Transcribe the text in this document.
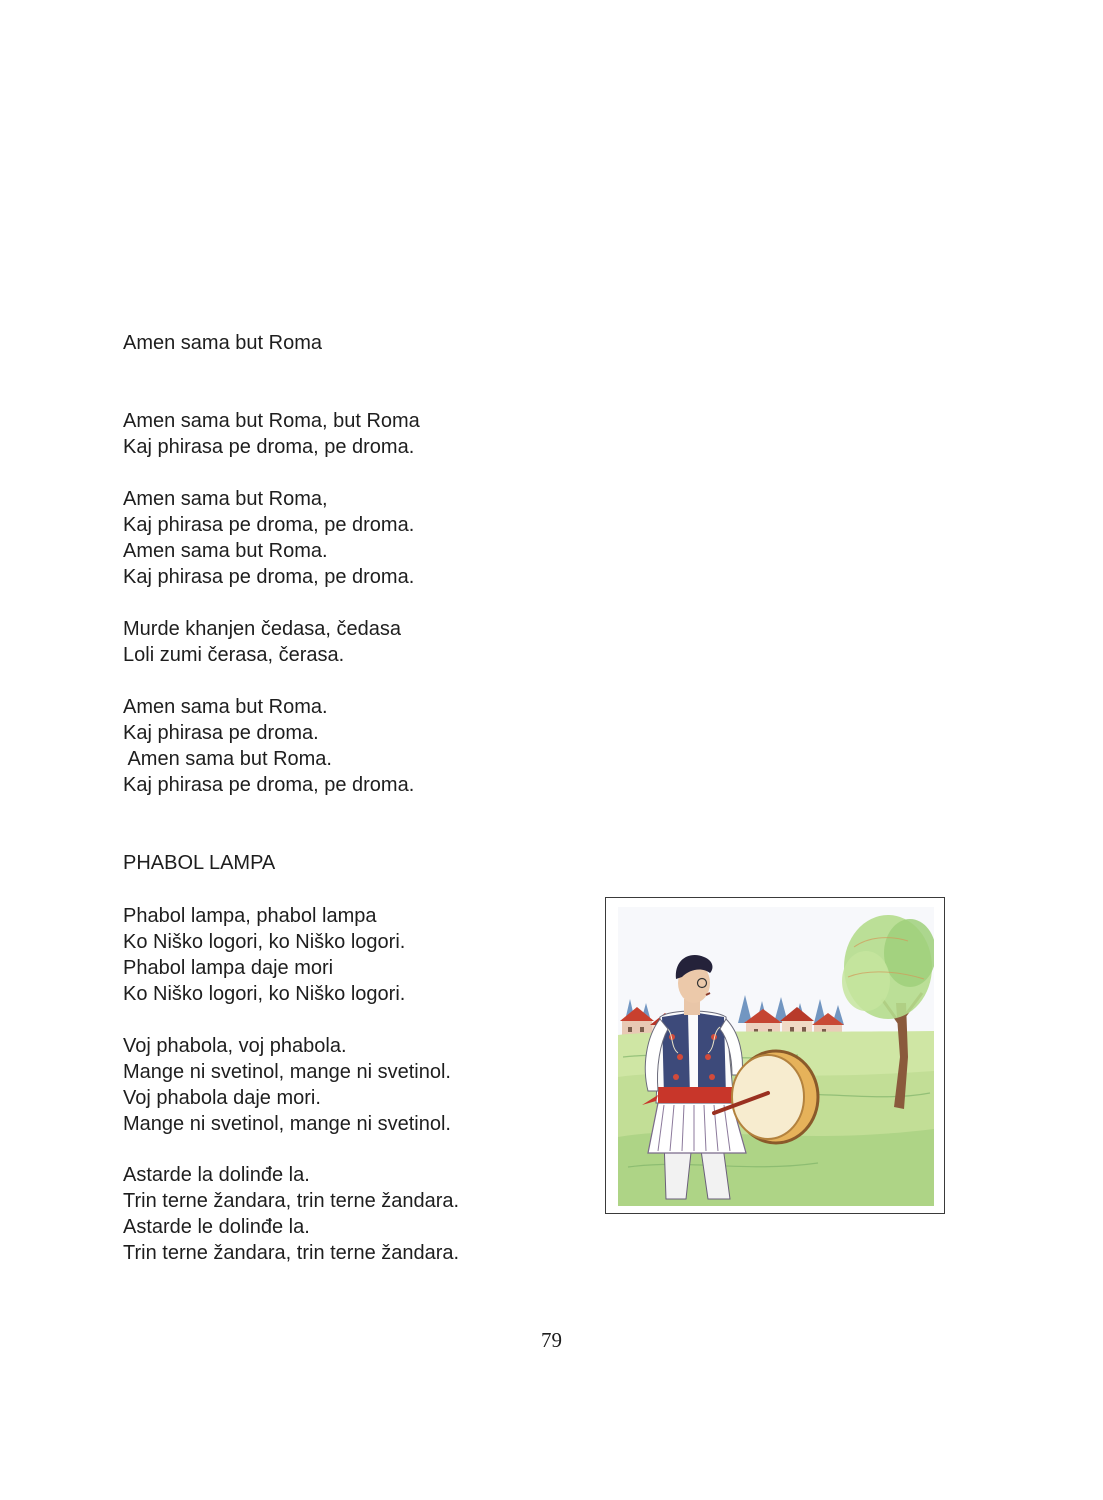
Amen sama but Roma
Amen sama but Roma, but Roma
Kaj phirasa pe droma, pe droma.
Amen sama but Roma,
Kaj phirasa pe droma, pe droma.
Amen sama but Roma.
Kaj phirasa pe droma, pe droma.
Murde khanjen čedasa, čedasa
Loli zumi čerasa, čerasa.
Amen sama but Roma.
Kaj phirasa pe droma.
Amen sama but Roma.
Kaj phirasa pe droma, pe droma.
PHABOL LAMPA
Phabol lampa, phabol lampa
Ko Niško logori, ko Niško logori.
Phabol lampa daje mori
Ko Niško logori, ko Niško logori.
Voj phabola, voj phabola.
Mange ni svetinol, mange ni svetinol.
Voj phabola daje mori.
Mange ni svetinol, mange ni svetinol.
Astarde la dolinđe la.
Trin terne žandara, trin terne žandara.
Astarde le dolinđe la.
Trin terne žandara, trin terne žandara.
79
